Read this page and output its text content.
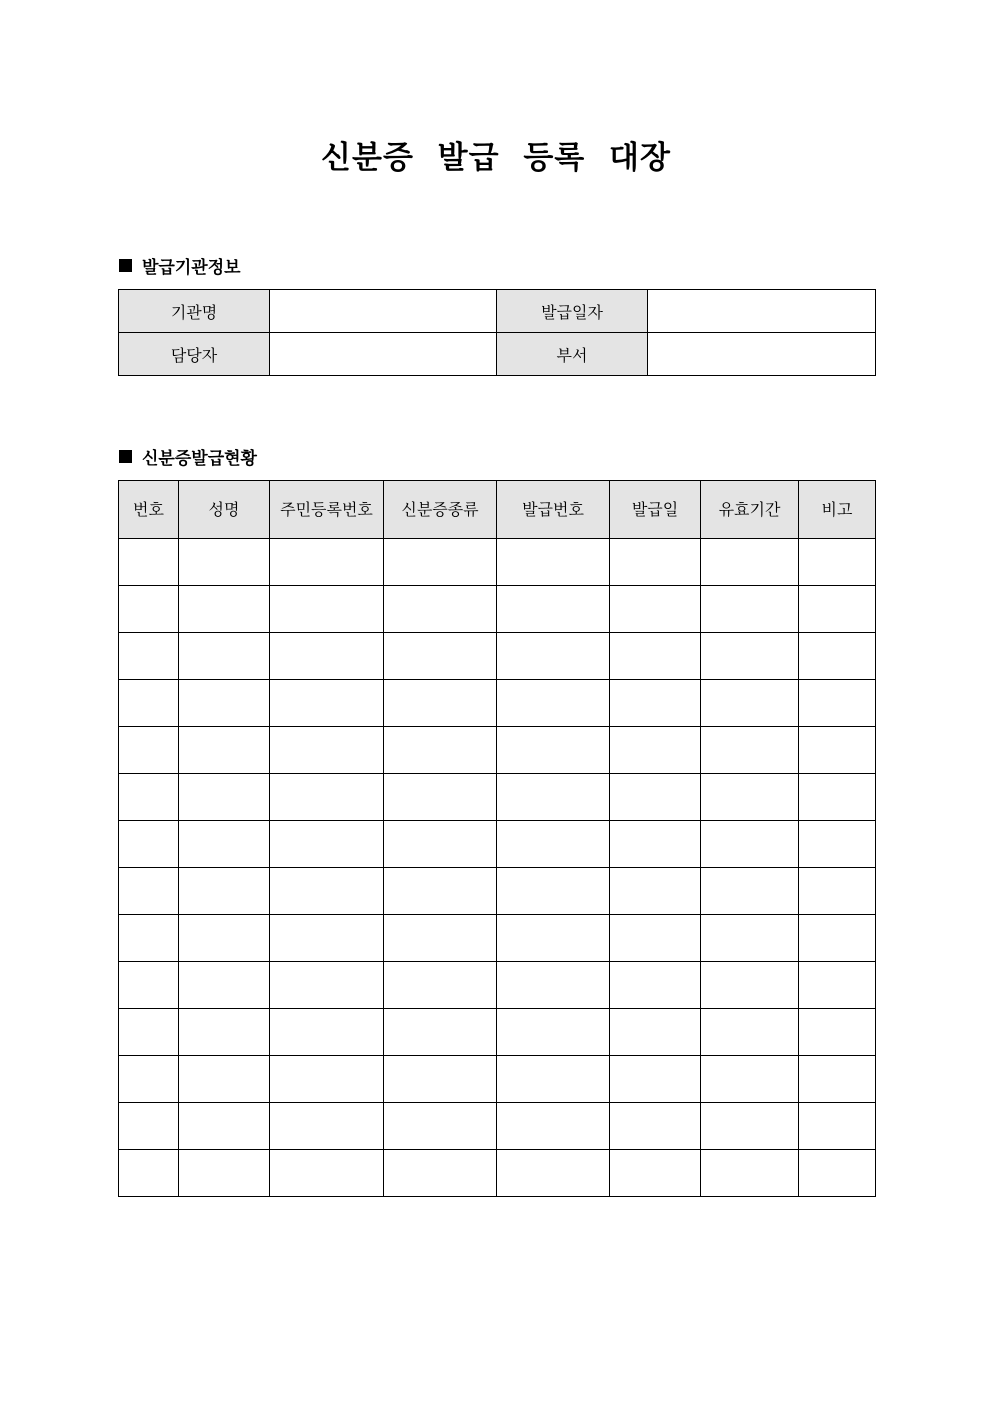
신분증 발급 등록 대장
발급기관정보
기관명		발급일자	
담당자		부서	
신분증발급현황
번호	성명	주민등록번호	신분증종류	발급번호	발급일	유효기간	비고
